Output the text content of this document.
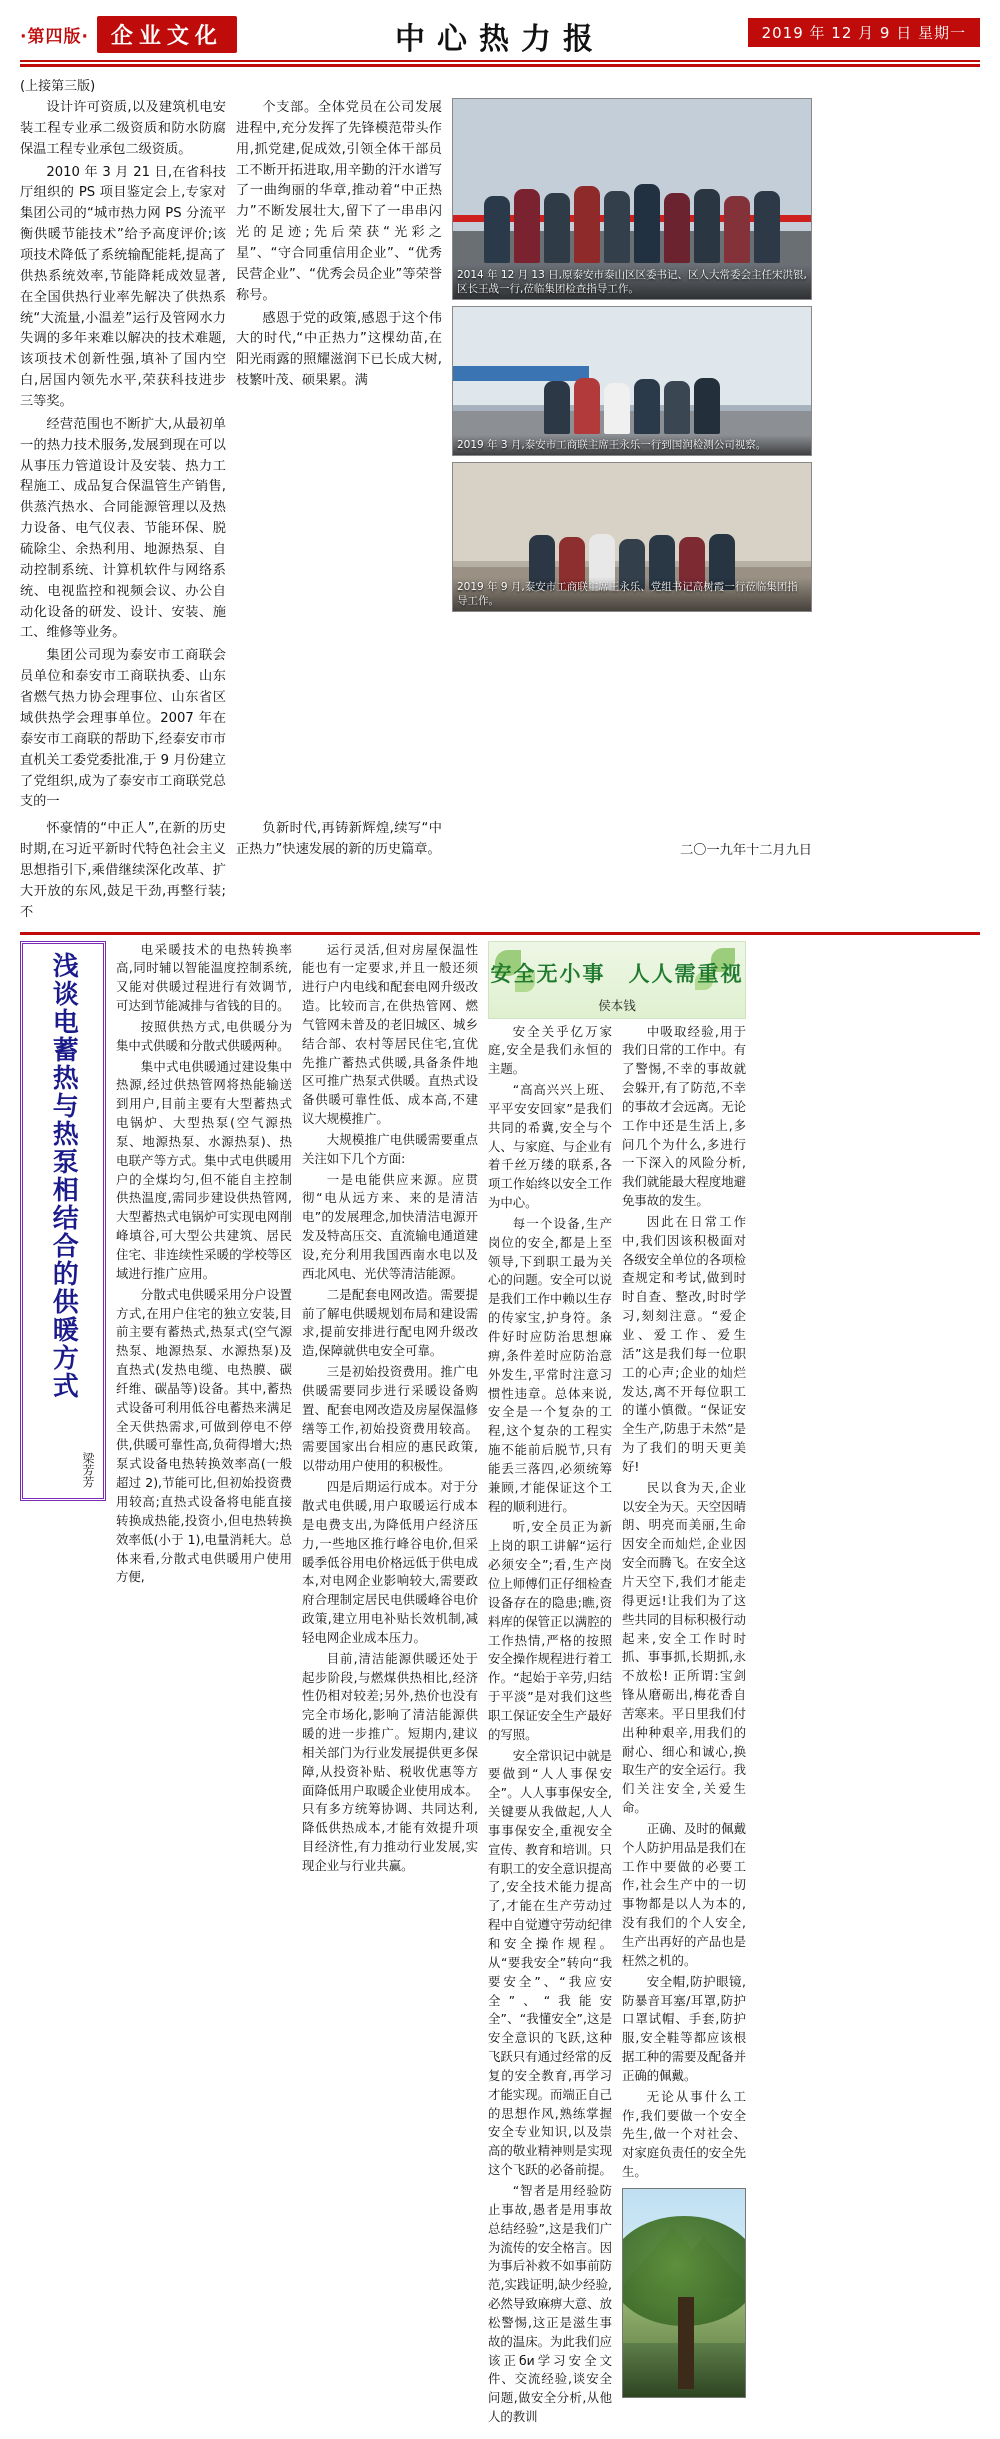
·第四版·	企业文化	中心热力报	2019 年 12 月 9 日 星期一
(上接第三版)

设计许可资质,以及建筑机电安装工程专业承二级资质和防水防腐保温工程专业承包二级资质。

2010 年 3 月 21 日,在省科技厅组织的 PS 项目鉴定会上,专家对集团公司的“城市热力网 PS 分流平衡供暖节能技术”给予高度评价;该项技术降低了系统输配能耗,提高了供热系统效率,节能降耗成效显著,在全国供热行业率先解决了供热系统“大流量,小温差”运行及管网水力失调的多年来难以解决的技术难题,该项技术创新性强,填补了国内空白,居国内领先水平,荣获科技进步三等奖。

经营范围也不断扩大,从最初单一的热力技术服务,发展到现在可以从事压力管道设计及安装、热力工程施工、成品复合保温管生产销售,供蒸汽热水、合同能源管理以及热力设备、电气仪表、节能环保、脱硫除尘、余热利用、地源热泵、自动控制系统、计算机软件与网络系统、电视监控和视频会议、办公自动化设备的研发、设计、安装、施工、维修等业务。

集团公司现为泰安市工商联会员单位和泰安市工商联执委、山东省燃气热力协会理事位、山东省区域供热学会理事单位。2007 年在泰安市工商联的帮助下,经泰安市市直机关工委党委批准,于 9 月份建立了党组织,成为了泰安市工商联党总支的一

个支部。全体党员在公司发展进程中,充分发挥了先锋模范带头作用,抓党建,促成效,引领全体干部员工不断开拓进取,用辛勤的汗水谱写了一曲绚丽的华章,推动着“中正热力”不断发展壮大,留下了一串串闪光的足迹;先后荣获“光彩之星”、“守合同重信用企业”、“优秀民营企业”、“优秀会员企业”等荣誉称号。

感恩于党的政策,感恩于这个伟大的时代,“中正热力”这棵幼苗,在阳光雨露的照耀滋润下已长成大树,枝繁叶茂、硕果累。满

2014 年 12 月 13 日,原泰安市泰山区区委书记、区人大常委会主任宋洪银,区长王战一行,莅临集团检查指导工作。
2019 年 3 月,泰安市工商联主席王永乐一行到国润检测公司视察。
2019 年 9 月,泰安市工商联主席王永乐、党组书记高树霞一行莅临集团指导工作。

怀豪情的“中正人”,在新的历史时期,在习近平新时代特色社会主义思想指引下,乘借继续深化改革、扩大开放的东风,鼓足干劲,再整行装;不

负新时代,再铸新辉煌,续写“中正热力”快速发展的新的历史篇章。	二〇一九年十二月九日
浅谈电蓄热与热泵相结合的供暖方式
梁芳芳

电采暖技术的电热转换率高,同时辅以智能温度控制系统,又能对供暖过程进行有效调节,可达到节能减排与省钱的目的。

按照供热方式,电供暖分为集中式供暖和分散式供暖两种。

集中式电供暖通过建设集中热源,经过供热管网将热能输送到用户,目前主要有大型蓄热式电锅炉、大型热泵(空气源热泵、地源热泵、水源热泵)、热电联产等方式。集中式电供暖用户的全煤均匀,但不能自主控制供热温度,需同步建设供热管网,大型蓄热式电锅炉可实现电网削峰填谷,可大型公共建筑、居民住宅、非连续性采暖的学校等区域进行推广应用。

分散式电供暖采用分户设置方式,在用户住宅的独立安装,目前主要有蓄热式,热泵式(空气源热泵、地源热泵、水源热泵)及直热式(发热电缆、电热膜、碳纤维、碳晶等)设备。其中,蓄热式设备可利用低谷电蓄热来满足全天供热需求,可做到停电不停供,供暖可靠性高,负荷得增大;热泵式设备电热转换效率高(一般超过 2),节能可比,但初始投资费用较高;直热式设备将电能直接转换成热能,投资小,但电热转换效率低(小于 1),电量消耗大。总体来看,分散式电供暖用户使用方便,

运行灵活,但对房屋保温性能也有一定要求,并且一般还须进行户内电线和配套电网升级改造。比较而言,在供热管网、燃气管网未普及的老旧城区、城乡结合部、农村等居民住宅,宜优先推广蓄热式供暖,具备条件地区可推广热泵式供暖。直热式设备供暖可靠性低、成本高,不建议大规模推广。

大规模推广电供暖需要重点关注如下几个方面:

一是电能供应来源。应贯彻“电从远方来、来的是清洁电”的发展理念,加快清洁电源开发及特高压交、直流输电通道建设,充分利用我国西南水电以及西北风电、光伏等清洁能源。

二是配套电网改造。需要提前了解电供暖规划布局和建设需求,提前安排进行配电网升级改造,保障就供电安全可靠。

三是初始投资费用。推广电供暖需要同步进行采暖设备购置、配套电网改造及房屋保温修缮等工作,初始投资费用较高。需要国家出台相应的惠民政策,以带动用户使用的积极性。

四是后期运行成本。对于分散式电供暖,用户取暖运行成本是电费支出,为降低用户经济压力,一些地区推行峰谷电价,但采暖季低谷用电价格远低于供电成本,对电网企业影响较大,需要政府合理制定居民电供暖峰谷电价政策,建立用电补贴长效机制,减轻电网企业成本压力。

目前,清洁能源供暖还处于起步阶段,与燃煤供热相比,经济性仍相对较差;另外,热价也没有完全市场化,影响了清洁能源供暖的进一步推广。短期内,建议相关部门为行业发展提供更多保障,从投资补贴、税收优惠等方面降低用户取暖企业使用成本。只有多方统筹协调、共同达利,降低供热成本,才能有效提升项目经济性,有力推动行业发展,实现企业与行业共赢。

安全无小事　人人需重视
侯本钱

安全关乎亿万家庭,安全是我们永恒的主题。

“高高兴兴上班、平平安安回家”是我们共同的希冀,安全与个人、与家庭、与企业有着千丝万缕的联系,各项工作始终以安全工作为中心。

每一个设备,生产岗位的安全,都是上至领导,下到职工最为关心的问题。安全可以说是我们工作中赖以生存的传家宝,护身符。条件好时应防治思想麻痹,条件差时应防治意外发生,平常时注意习惯性违章。总体来说,安全是一个复杂的工程,这个复杂的工程实施不能前后脱节,只有能丢三落四,必须统筹兼顾,才能保证这个工程的顺利进行。

听,安全员正为新上岗的职工讲解“运行必须安全”;看,生产岗位上师傅们正仔细检查设备存在的隐患;瞧,资料库的保管正以满腔的工作热情,严格的按照安全操作规程进行着工作。“起始于辛劳,归结于平淡”是对我们这些职工保证安全生产最好的写照。

安全常识记中就是要做到“人人事保安全”。人人事事保安全,关键要从我做起,人人事事保安全,重视安全宣传、教育和培训。只有职工的安全意识提高了,安全技术能力提高了,才能在生产劳动过程中自觉遵守劳动纪律和安全操作规程。从“要我安全”转向“我要安全”、“我应安全”、“我能安全”、“我懂安全”,这是安全意识的飞跃,这种飞跃只有通过经常的反复的安全教育,再学习才能实现。而端正自己的思想作风,熟练掌握安全专业知识,以及崇高的敬业精神则是实现这个飞跃的必备前提。

“智者是用经验防止事故,愚者是用事故总结经验”,这是我们广为流传的安全格言。因为事后补救不如事前防范,实践证明,缺少经验,必然导致麻痹大意、放松警惕,这正是滋生事故的温床。为此我们应该正би学习安全文件、交流经验,谈安全问题,做安全分析,从他人的教训

中吸取经验,用于我们日常的工作中。有了警惕,不幸的事故就会躲开,有了防范,不幸的事故才会远离。无论工作中还是生活上,多问几个为什么,多进行一下深入的风险分析,我们就能最大程度地避免事故的发生。

因此在日常工作中,我们因该积极面对各级安全单位的各项检查规定和考试,做到时时自查、整改,时时学习,刻刻注意。“爱企业、爱工作、爱生活”这是我们每一位职工的心声;企业的灿烂发达,离不开每位职工的谨小慎微。“保证安全生产,防患于未然”是为了我们的明天更美好!

民以食为天,企业以安全为天。天空因晴朗、明亮而美丽,生命因安全而灿烂,企业因安全而腾飞。在安全这片天空下,我们才能走得更远!让我们为了这些共同的目标积极行动起来,安全工作时时抓、事事抓,长期抓,永不放松! 正所谓:宝剑锋从磨砺出,梅花香自苦寒来。平日里我们付出种种艰辛,用我们的耐心、细心和诚心,换取生产的安全运行。我们关注安全,关爱生命。

正确、及时的佩戴个人防护用品是我们在工作中要做的必要工作,社会生产中的一切事物都是以人为本的,没有我们的个人安全,生产出再好的产品也是枉然之机的。

安全帽,防护眼镜,防暴音耳塞/耳罩,防护口罩试帽、手套,防护服,安全鞋等都应该根据工种的需要及配备并正确的佩戴。

无论从事什么工作,我们要做一个安全先生,做一个对社会、对家庭负责任的安全先生。
